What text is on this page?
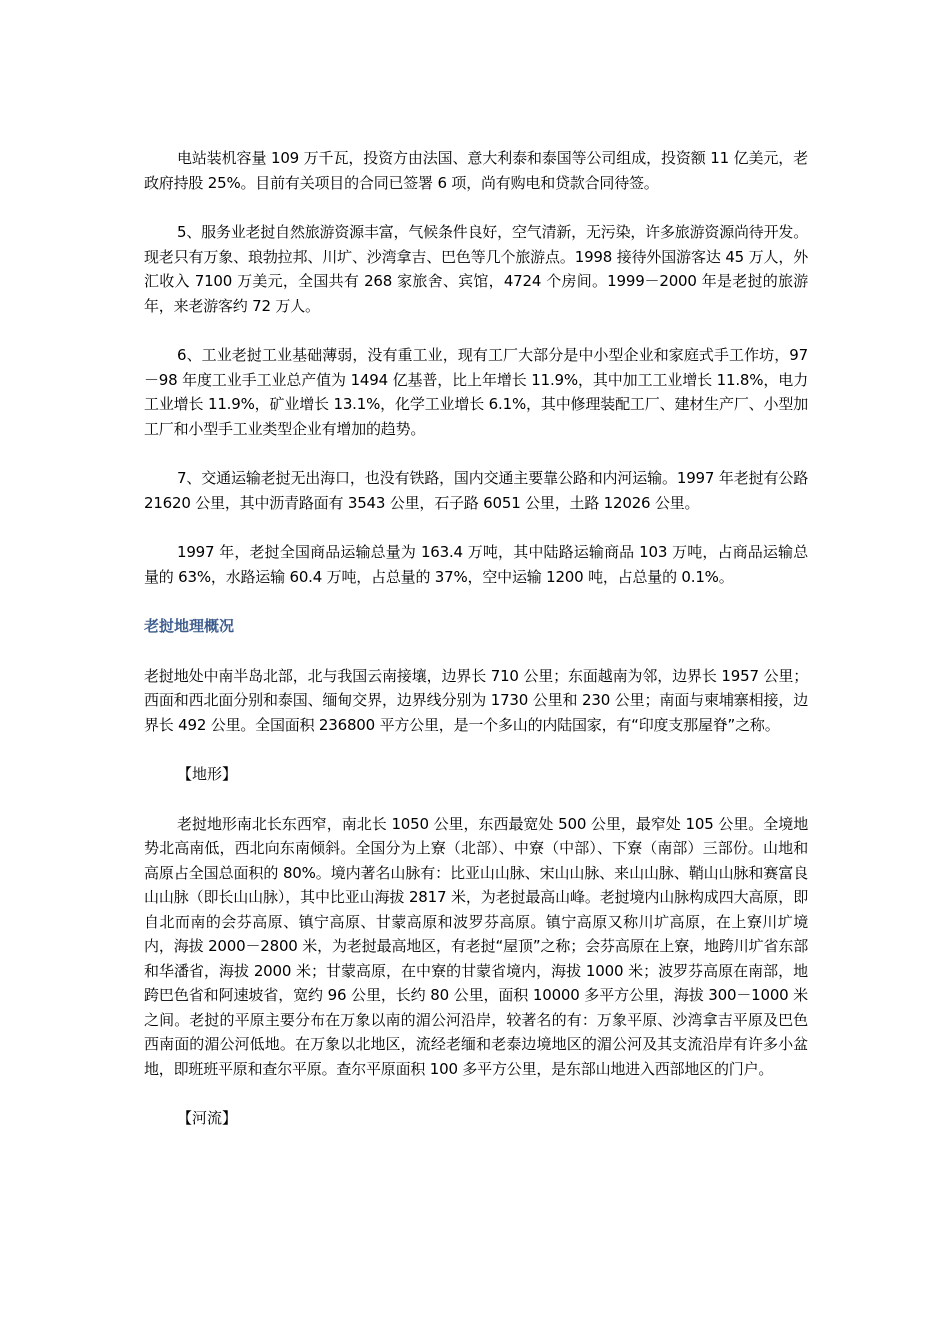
电站装机容量 109 万千瓦，投资方由法国、意大利泰和泰国等公司组成，投资额 11 亿美元，老政府持股 25%。目前有关项目的合同已签署 6 项，尚有购电和贷款合同待签。

5、服务业老挝自然旅游资源丰富，气候条件良好，空气清新，无污染，许多旅游资源尚待开发。现老只有万象、琅勃拉邦、川圹、沙湾拿吉、巴色等几个旅游点。1998 接待外国游客达 45 万人，外汇收入 7100 万美元，全国共有 268 家旅舍、宾馆，4724 个房间。1999－2000 年是老挝的旅游年，来老游客约 72 万人。

6、工业老挝工业基础薄弱，没有重工业，现有工厂大部分是中小型企业和家庭式手工作坊，97－98 年度工业手工业总产值为 1494 亿基普，比上年增长 11.9%，其中加工工业增长 11.8%，电力工业增长 11.9%，矿业增长 13.1%，化学工业增长 6.1%，其中修理装配工厂、建材生产厂、小型加工厂和小型手工业类型企业有增加的趋势。

7、交通运输老挝无出海口，也没有铁路，国内交通主要靠公路和内河运输。1997 年老挝有公路 21620 公里，其中沥青路面有 3543 公里，石子路 6051 公里，土路 12026 公里。

1997 年，老挝全国商品运输总量为 163.4 万吨，其中陆路运输商品 103 万吨，占商品运输总量的 63%，水路运输 60.4 万吨，占总量的 37%，空中运输 1200 吨，占总量的 0.1%。

老挝地理概况

老挝地处中南半岛北部，北与我国云南接壤，边界长 710 公里；东面越南为邻，边界长 1957 公里；西面和西北面分别和泰国、缅甸交界，边界线分别为 1730 公里和 230 公里；南面与柬埔寨相接，边界长 492 公里。全国面积 236800 平方公里，是一个多山的内陆国家，有“印度支那屋脊”之称。

【地形】

老挝地形南北长东西窄，南北长 1050 公里，东西最宽处 500 公里，最窄处 105 公里。全境地势北高南低，西北向东南倾斜。全国分为上寮（北部）、中寮（中部）、下寮（南部）三部份。山地和高原占全国总面积的 80%。境内著名山脉有：比亚山山脉、宋山山脉、来山山脉、鞘山山脉和赛富良山山脉（即长山山脉），其中比亚山海拔 2817 米，为老挝最高山峰。老挝境内山脉构成四大高原，即自北而南的会芬高原、镇宁高原、甘蒙高原和波罗芬高原。镇宁高原又称川圹高原，在上寮川圹境内，海拔 2000－2800 米，为老挝最高地区，有老挝“屋顶”之称；会芬高原在上寮，地跨川圹省东部和华潘省，海拔 2000 米；甘蒙高原，在中寮的甘蒙省境内，海拔 1000 米；波罗芬高原在南部，地跨巴色省和阿速坡省，宽约 96 公里，长约 80 公里，面积 10000 多平方公里，海拔 300－1000 米之间。老挝的平原主要分布在万象以南的湄公河沿岸，较著名的有：万象平原、沙湾拿吉平原及巴色西南面的湄公河低地。在万象以北地区，流经老缅和老泰边境地区的湄公河及其支流沿岸有许多小盆地，即班班平原和查尔平原。查尔平原面积 100 多平方公里，是东部山地进入西部地区的门户。

【河流】
